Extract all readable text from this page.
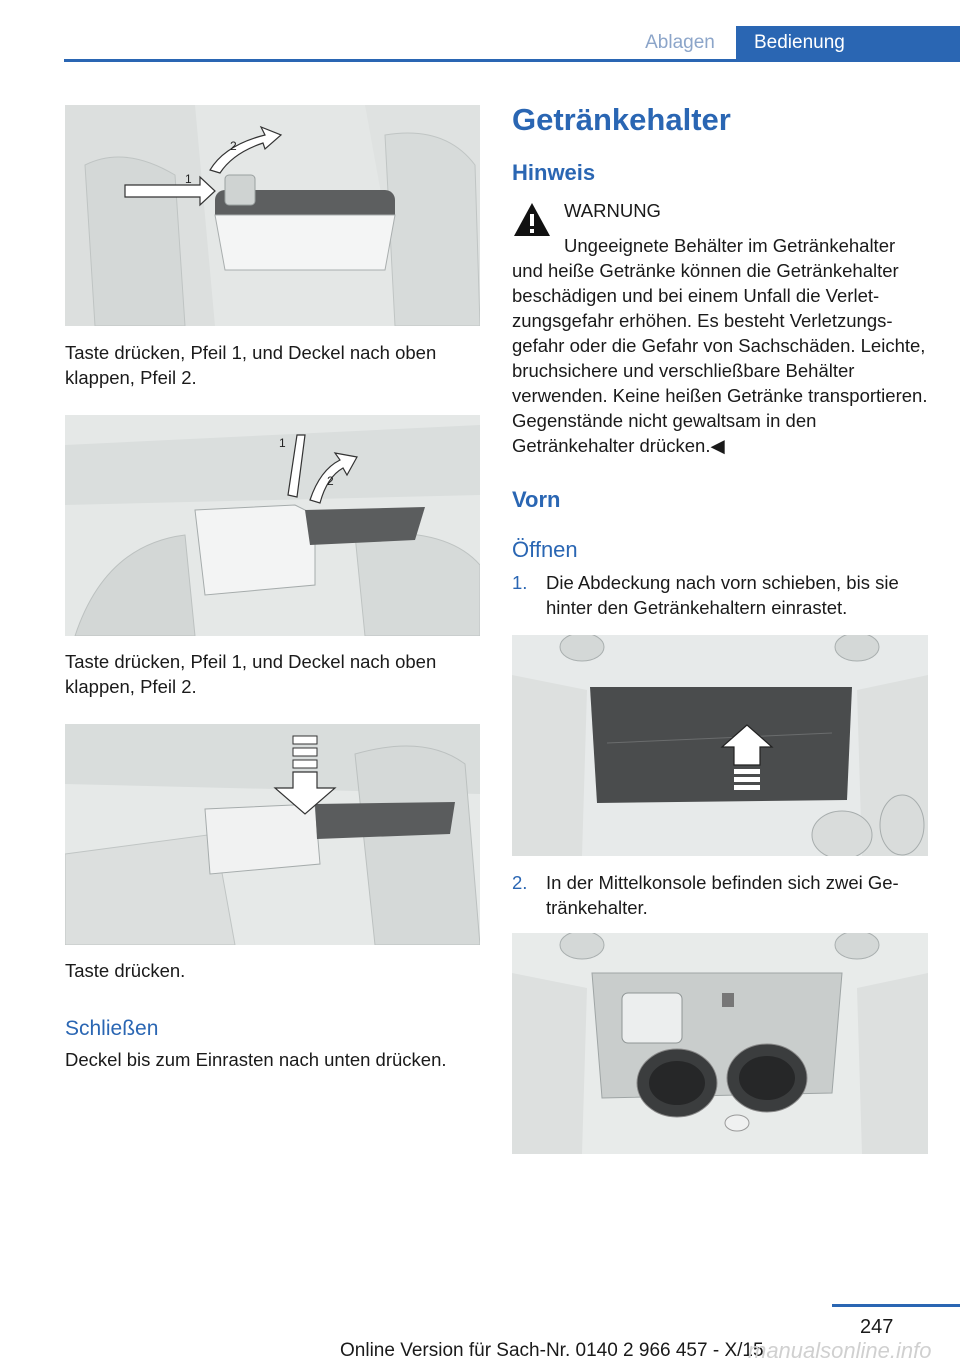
Ablagen	Bedienung
1
2
Taste drücken, Pfeil 1, und Deckel nach oben klappen, Pfeil 2.
1
2
Taste drücken, Pfeil 1, und Deckel nach oben klappen, Pfeil 2.
Taste drücken.
Schließen
Deckel bis zum Einrasten nach unten drücken.
Getränkehalter
Hinweis
WARNUNG
Ungeeignete Behälter im Getränkehalter
und heiße Getränke können die Getränkehalter beschädigen und bei einem Unfall die Verletzungsgefahr erhöhen. Es besteht Verletzungsgefahr oder die Gefahr von Sachschäden. Leichte, bruchsichere und verschließbare Behälter verwenden. Keine heißen Getränke transportieren. Gegenstände nicht gewaltsam in den Getränkehalter drücken.◀
Vorn
Öffnen
1. Die Abdeckung nach vorn schieben, bis sie hinter den Getränkehaltern einrastet.
2. In der Mittelkonsole befinden sich zwei Getränkehalter.
247
Online Version für Sach-Nr. 0140 2 966 457 - X/15
manualsonline.info
